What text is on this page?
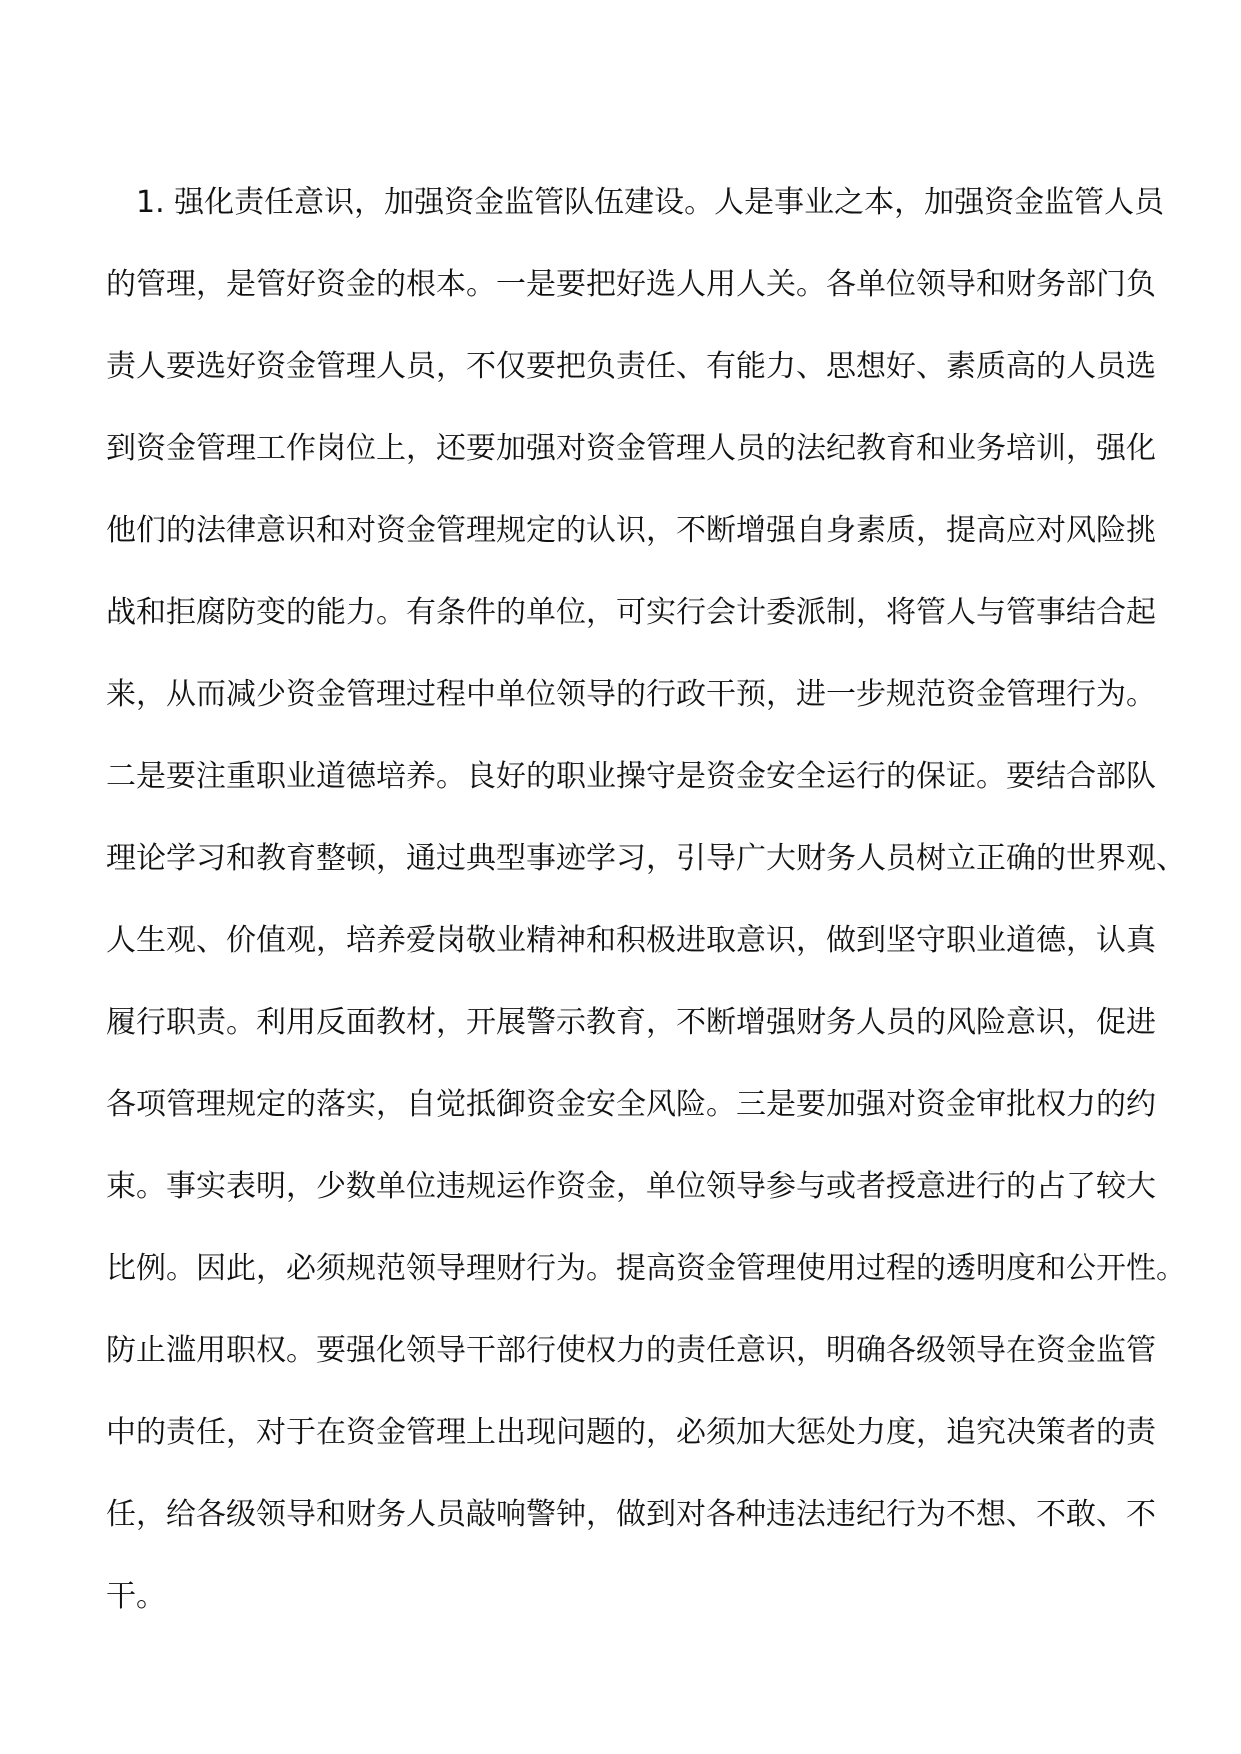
1. 强化责任意识，加强资金监管队伍建设。人是事业之本，加强资金监管人员
的管理，是管好资金的根本。一是要把好选人用人关。各单位领导和财务部门负
责人要选好资金管理人员，不仅要把负责任、有能力、思想好、素质高的人员选
到资金管理工作岗位上，还要加强对资金管理人员的法纪教育和业务培训，强化
他们的法律意识和对资金管理规定的认识，不断增强自身素质，提高应对风险挑
战和拒腐防变的能力。有条件的单位，可实行会计委派制，将管人与管事结合起
来，从而减少资金管理过程中单位领导的行政干预，进一步规范资金管理行为。
二是要注重职业道德培养。良好的职业操守是资金安全运行的保证。要结合部队
理论学习和教育整顿，通过典型事迹学习，引导广大财务人员树立正确的世界观、
人生观、价值观，培养爱岗敬业精神和积极进取意识，做到坚守职业道德，认真
履行职责。利用反面教材，开展警示教育，不断增强财务人员的风险意识，促进
各项管理规定的落实，自觉抵御资金安全风险。三是要加强对资金审批权力的约
束。事实表明，少数单位违规运作资金，单位领导参与或者授意进行的占了较大
比例。因此，必须规范领导理财行为。提高资金管理使用过程的透明度和公开性。
防止滥用职权。要强化领导干部行使权力的责任意识，明确各级领导在资金监管
中的责任，对于在资金管理上出现问题的，必须加大惩处力度，追究决策者的责
任，给各级领导和财务人员敲响警钟，做到对各种违法违纪行为不想、不敢、不
干。
